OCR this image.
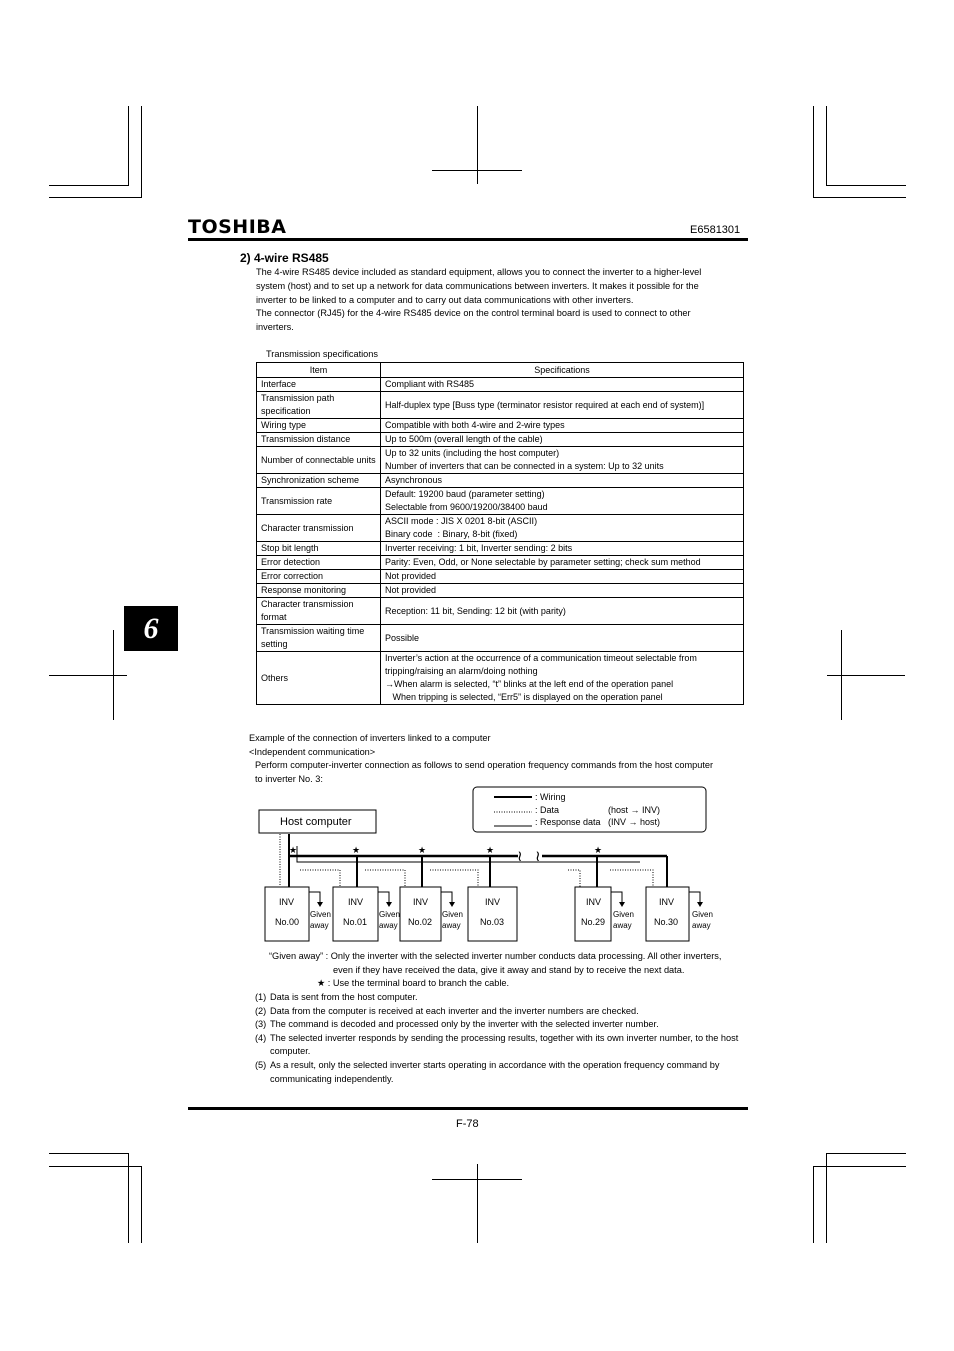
TOSHIBA	E6581301
2) 4-wire RS485
The 4-wire RS485 device included as standard equipment, allows you to connect the inverter to a higher-level
system (host) and to set up a network for data communications between inverters. It makes it possible for the
inverter to be linked to a computer and to carry out data communications with other inverters.
The connector (RJ45) for the 4-wire RS485 device on the control terminal board is used to connect to other
inverters.
Transmission specifications
Item	Specifications
Interface	Compliant with RS485

Transmission path specification	Half-duplex type [Buss type (terminator resistor required at each end of system)]

Wiring type	Compatible with both 4-wire and 2-wire types

Transmission distance	Up to 500m (overall length of the cable)

Number of connectable units	Up to 32 units (including the host computer)
Number of inverters that can be connected in a system: Up to 32 units

Synchronization scheme	Asynchronous

Transmission rate	Default: 19200 baud (parameter setting)
Selectable from 9600/19200/38400 baud

Character transmission	ASCII mode : JIS X 0201 8-bit (ASCII)
Binary code  : Binary, 8-bit (fixed)

Stop bit length	Inverter receiving: 1 bit, Inverter sending: 2 bits

Error detection	Parity: Even, Odd, or None selectable by parameter setting; check sum method

Error correction	Not provided

Response monitoring	Not provided

Character transmission format	Reception: 11 bit, Sending: 12 bit (with parity)

Transmission waiting time setting	Possible

Others	Inverter’s action at the occurrence of a communication timeout selectable from
tripping/raising an alarm/doing nothing
→When alarm is selected, “t” blinks at the left end of the operation panel
When tripping is selected, “Err5” is displayed on the operation panel
6
Example of the connection of inverters linked to a computer
<Independent communication>
Perform computer-inverter connection as follows to send operation frequency commands from the host computer
to inverter No. 3:
: Wiring
: Data	(host → INV)
: Response data (INV → host)
Host computer
≀ ≀
★	★	★	★	★
INV
No.00
INV
No.01
INV
No.02
INV
No.03
INV
No.29
INV
No.30
Given
away
Given
away
Given
away
Given
away
Given
away
“Given away” : Only the inverter with the selected inverter number conducts data processing. All other inverters,
even if they have received the data, give it away and stand by to receive the next data.
★ : Use the terminal board to branch the cable.
(1) Data is sent from the host computer.
(2) Data from the computer is received at each inverter and the inverter numbers are checked.
(3) The command is decoded and processed only by the inverter with the selected inverter number.
(4) The selected inverter responds by sending the processing results, together with its own inverter number, to the host computer.
(5) As a result, only the selected inverter starts operating in accordance with the operation frequency command by communicating independently.
F-78
